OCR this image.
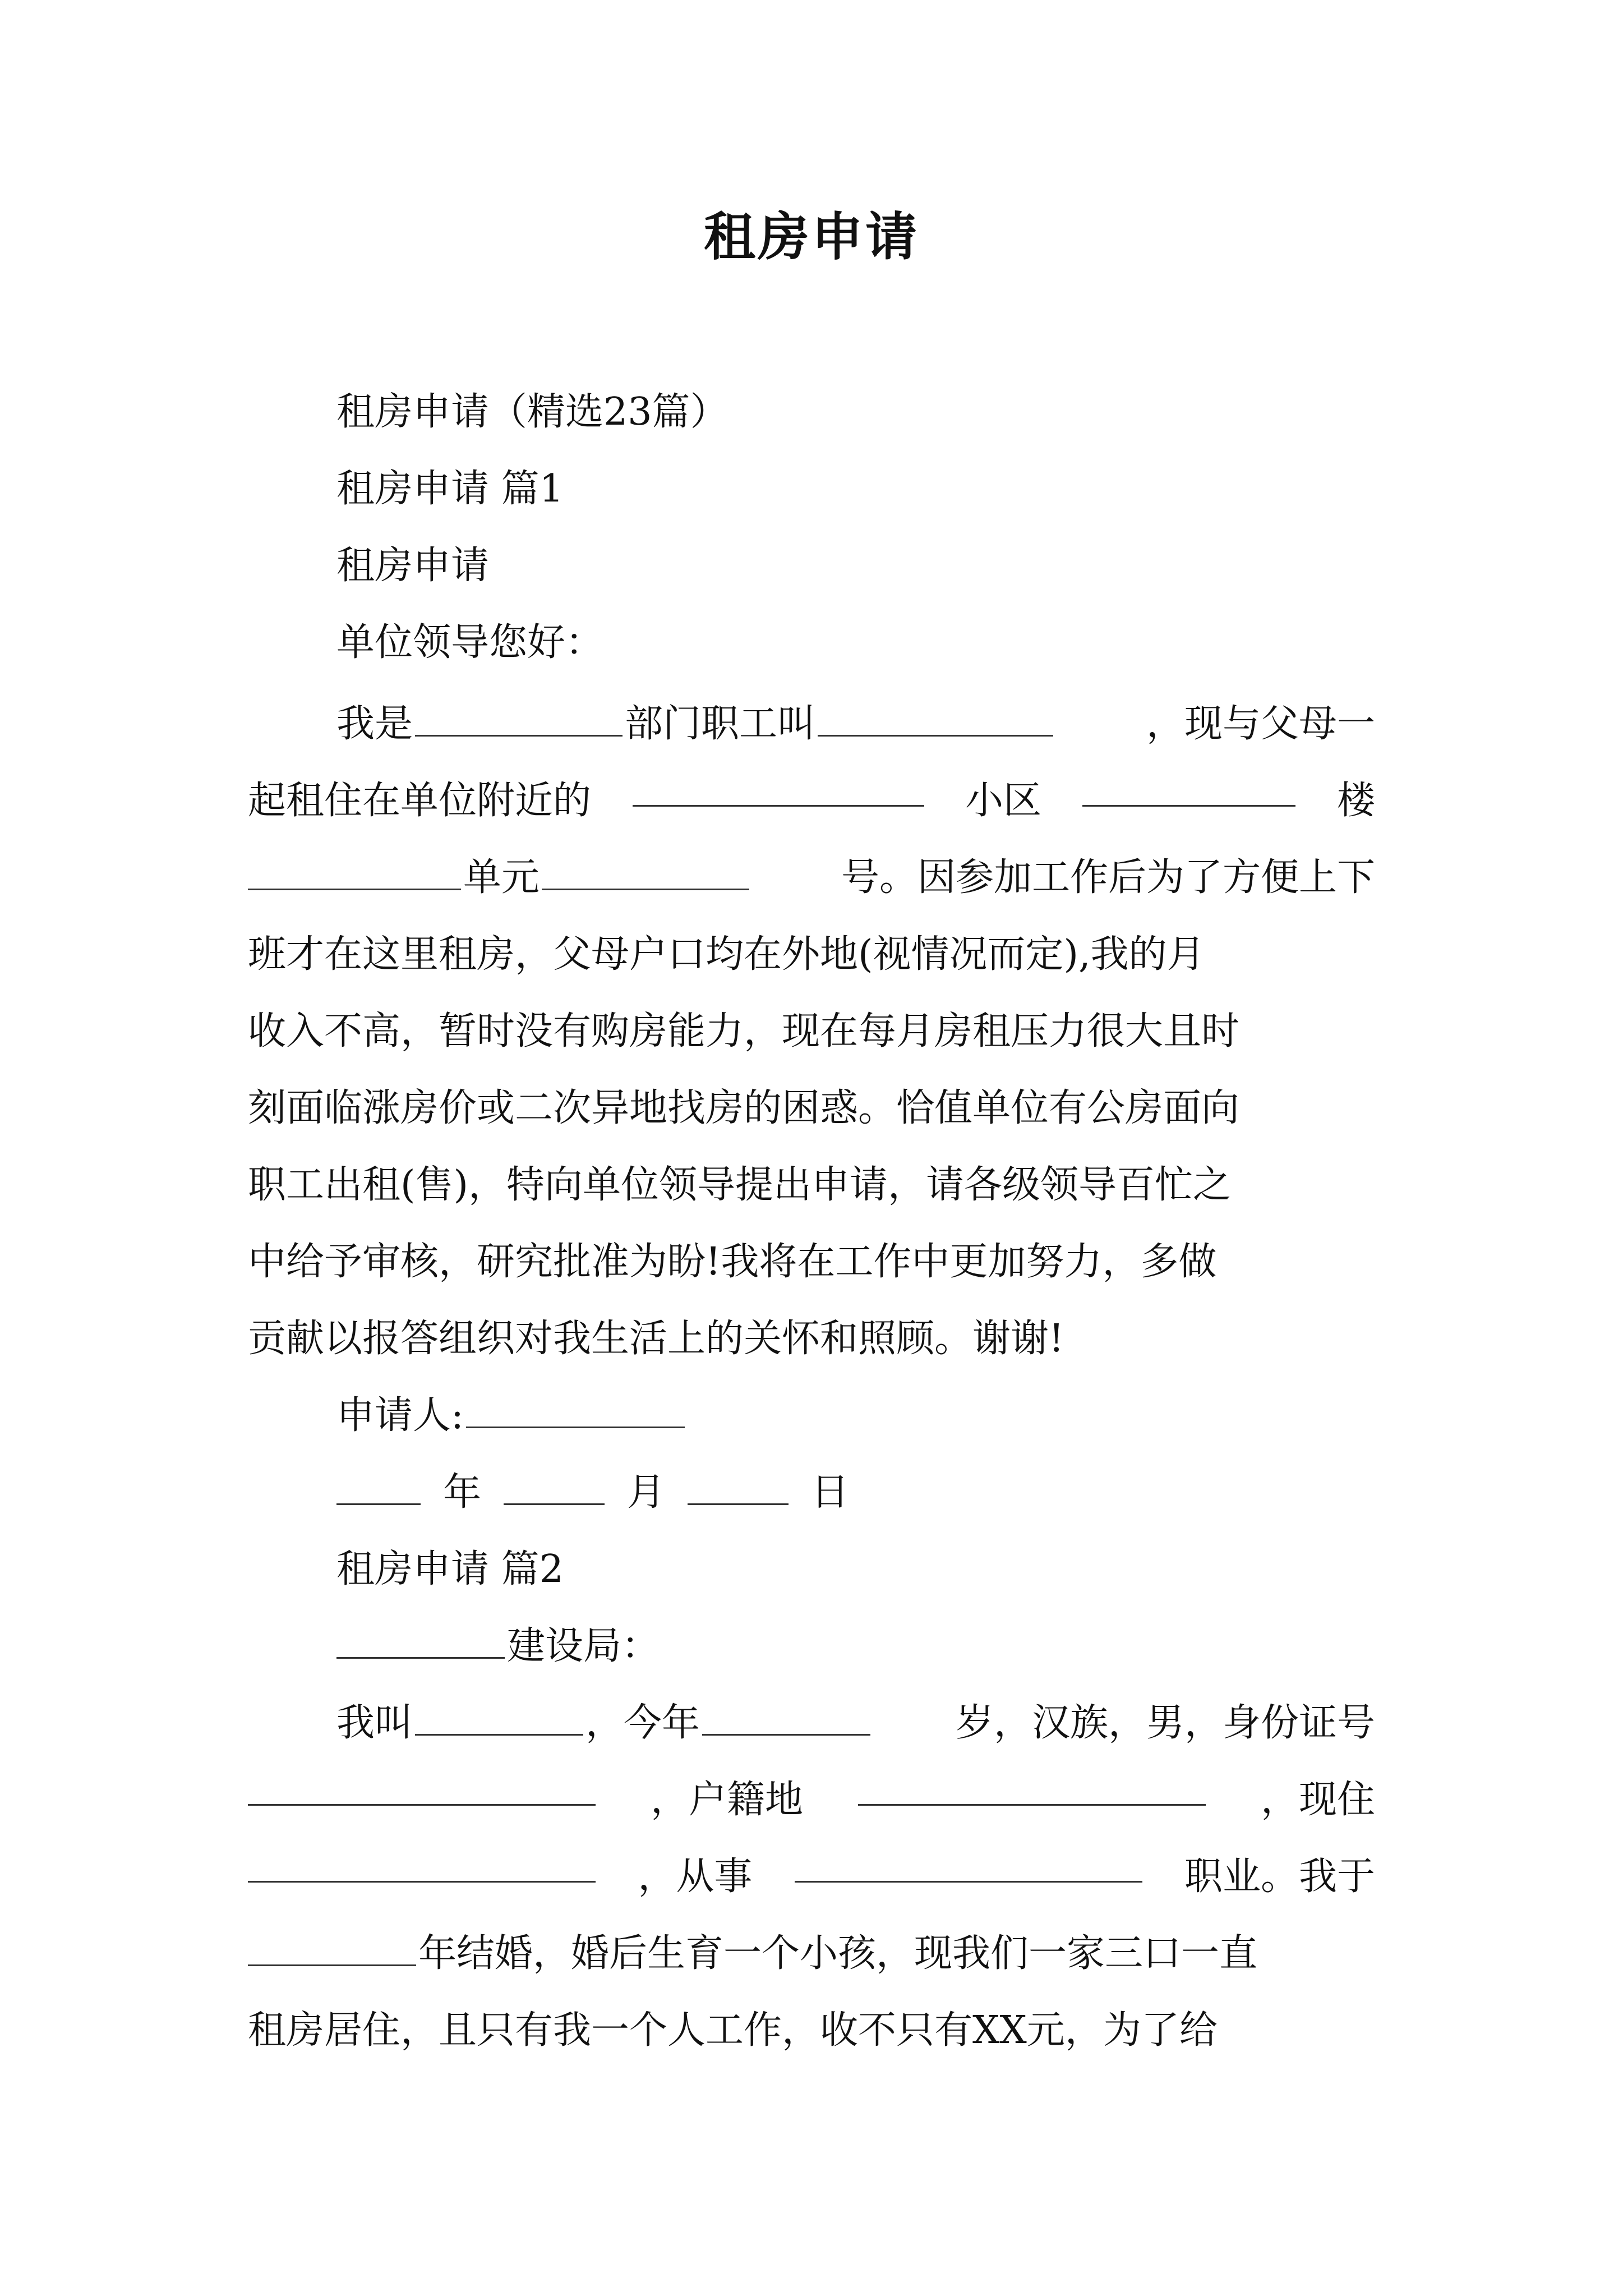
租房申请
租房申请（精选23篇）
租房申请 篇1
租房申请
单位领导您好：
我是	部门职工叫	，现与父母一
起租住在单位附近的	小区	楼
单元	号。因参加工作后为了方便上下
班才在这里租房，父母户口均在外地(视情况而定),我的月
收入不高，暂时没有购房能力，现在每月房租压力很大且时
刻面临涨房价或二次异地找房的困惑。恰值单位有公房面向
职工出租(售)，特向单位领导提出申请，请各级领导百忙之
中给予审核，研究批准为盼!我将在工作中更加努力，多做
贡献以报答组织对我生活上的关怀和照顾。谢谢!
申请人:
年	月	日
租房申请 篇2
建设局：
我叫	，今年	岁，汉族，男，身份证号
，户籍地	，现住
，从事	职业。我于
年结婚，婚后生育一个小孩，现我们一家三口一直
租房居住，且只有我一个人工作，收不只有XX元，为了给
